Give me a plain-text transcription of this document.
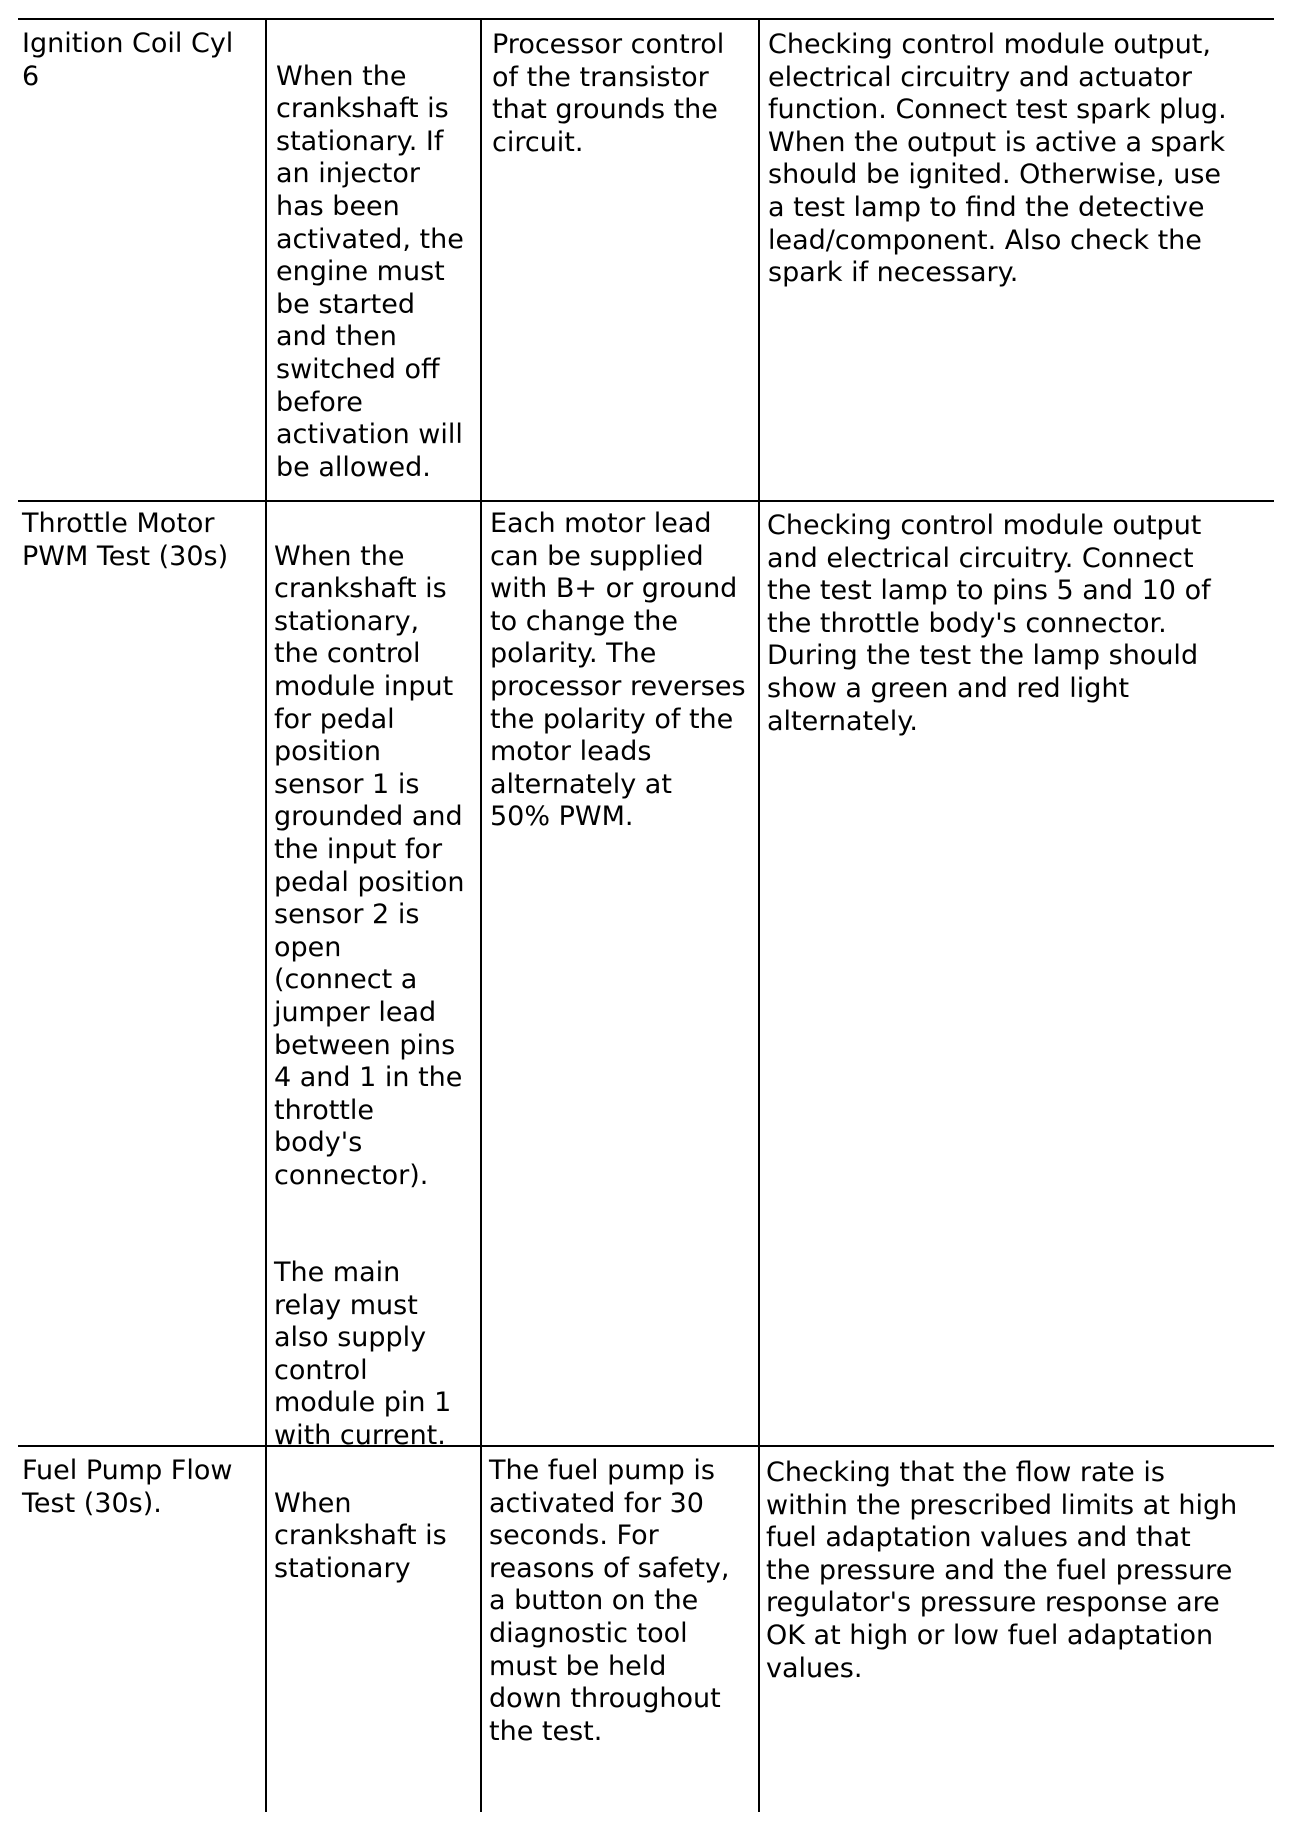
Ignition Coil Cyl
6	When the
crankshaft is
stationary. If
an injector
has been
activated, the
engine must
be started
and then
switched off
before
activation will
be allowed.

Processor control
of the transistor
that grounds the
circuit.
Checking control module output,
electrical circuitry and actuator
function. Connect test spark plug.
When the output is active a spark
should be ignited. Otherwise, use
a test lamp to find the detective
lead/component. Also check the
spark if necessary.
Throttle Motor
PWM Test (30s) When the
crankshaft is
stationary,
the control
module input
for pedal
position
sensor 1 is
grounded and
the input for
pedal position
sensor 2 is
open
(connect a
jumper lead
between pins
4 and 1 in the
throttle
body's
connector).

The main
relay must
also supply
control
module pin 1
with current.

Each motor lead
can be supplied
with B+ or ground
to change the
polarity. The
processor reverses
the polarity of the
motor leads
alternately at
50% PWM.
Checking control module output
and electrical circuitry. Connect
the test lamp to pins 5 and 10 of
the throttle body's connector.
During the test the lamp should
show a green and red light
alternately.
Fuel Pump Flow
Test (30s).	When
crankshaft is
stationary

The fuel pump is
activated for 30
seconds. For
reasons of safety,
a button on the
diagnostic tool
must be held
down throughout
the test.
Checking that the flow rate is
within the prescribed limits at high
fuel adaptation values and that
the pressure and the fuel pressure
regulator's pressure response are
OK at high or low fuel adaptation
values.
